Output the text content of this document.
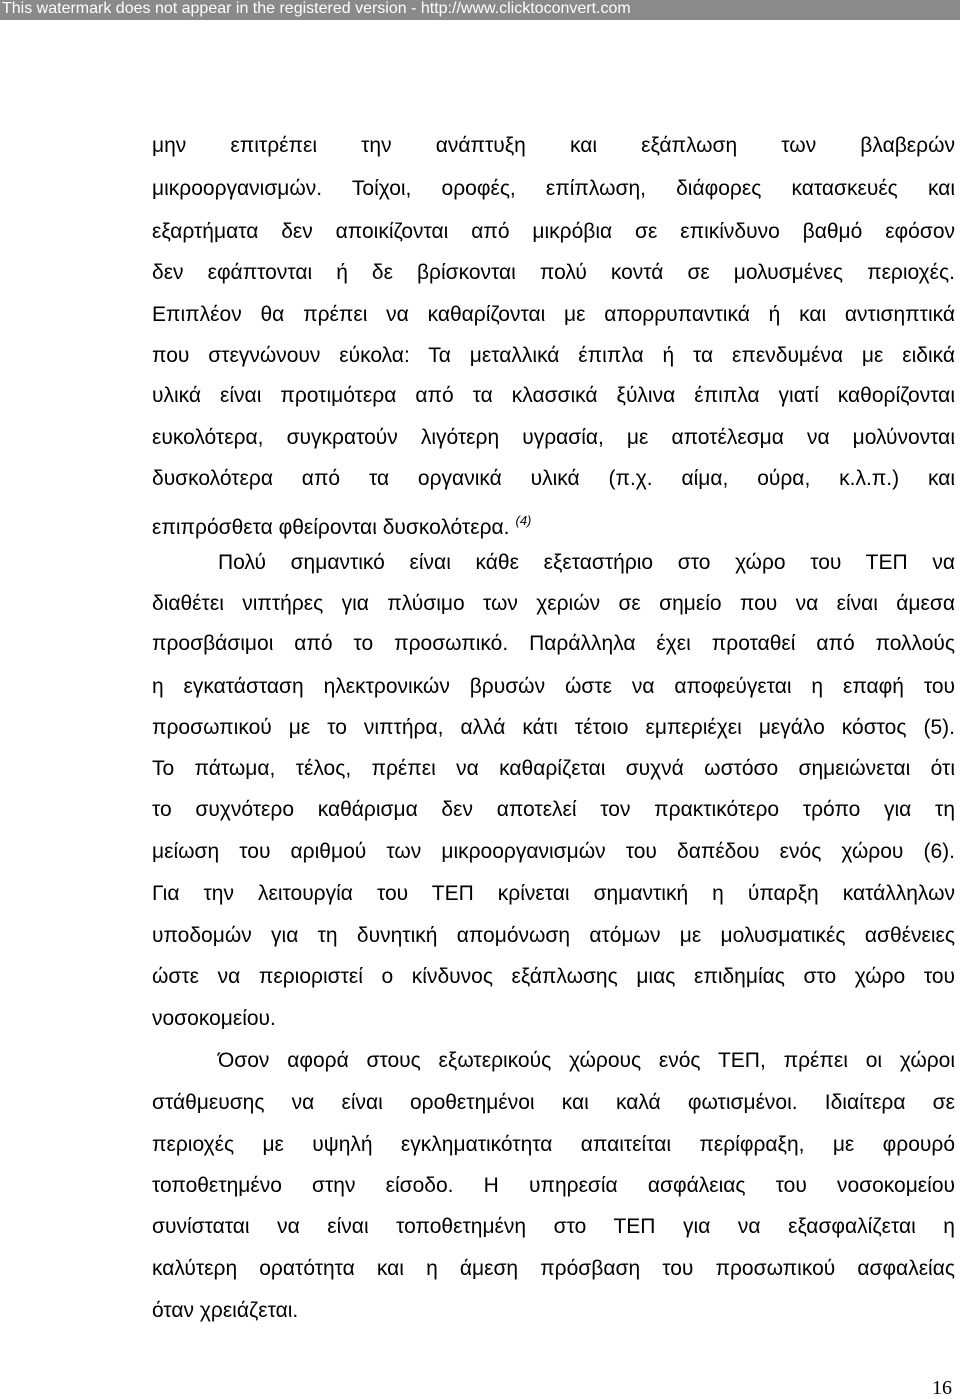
This watermark does not appear in the registered version - http://www.clicktoconvert.com
μην επιτρέπει την ανάπτυξη και εξάπλωση των βλαβερών
μικροοργανισμών. Τοίχοι, οροφές, επίπλωση, διάφορες κατασκευές και
εξαρτήματα δεν αποικίζονται από μικρόβια σε επικίνδυνο βαθμό εφόσον
δεν εφάπτονται ή δε βρίσκονται πολύ κοντά σε μολυσμένες περιοχές.
Επιπλέον θα πρέπει να καθαρίζονται με απορρυπαντικά ή και αντισηπτικά
που στεγνώνουν εύκολα: Τα μεταλλικά έπιπλα ή τα επενδυμένα με ειδικά
υλικά είναι προτιμότερα από τα κλασσικά ξύλινα έπιπλα γιατί καθορίζονται
ευκολότερα, συγκρατούν λιγότερη υγρασία, με αποτέλεσμα να μολύνονται
δυσκολότερα από τα οργανικά υλικά (π.χ. αίμα, ούρα, κ.λ.π.) και
επιπρόσθετα φθείρονται δυσκολότερα. $^{(4)}$
Πολύ σημαντικό είναι κάθε εξεταστήριο στο χώρο του ΤΕΠ να
διαθέτει νιπτήρες για πλύσιμο των χεριών σε σημείο που να είναι άμεσα
προσβάσιμοι από το προσωπικό. Παράλληλα έχει προταθεί από πολλούς
η εγκατάσταση ηλεκτρονικών βρυσών ώστε να αποφεύγεται η επαφή του
προσωπικού με το νιπτήρα, αλλά κάτι τέτοιο εμπεριέχει μεγάλο κόστος (5).
Το πάτωμα, τέλος, πρέπει να καθαρίζεται συχνά ωστόσο σημειώνεται ότι
το συχνότερο καθάρισμα δεν αποτελεί τον πρακτικότερο τρόπο για τη
μείωση του αριθμού των μικροοργανισμών του δαπέδου ενός χώρου (6).
Για την λειτουργία του ΤΕΠ κρίνεται σημαντική η ύπαρξη κατάλληλων
υποδομών για τη δυνητική απομόνωση ατόμων με μολυσματικές ασθένειες
ώστε να περιοριστεί ο κίνδυνος εξάπλωσης μιας επιδημίας στο χώρο του
νοσοκομείου.
Όσον αφορά στους εξωτερικούς χώρους ενός ΤΕΠ, πρέπει οι χώροι
στάθμευσης να είναι οροθετημένοι και καλά φωτισμένοι. Ιδιαίτερα σε
περιοχές με υψηλή εγκληματικότητα απαιτείται περίφραξη, με φρουρό
τοποθετημένο στην είσοδο. Η υπηρεσία ασφάλειας του νοσοκομείου
συνίσταται να είναι τοποθετημένη στο ΤΕΠ για να εξασφαλίζεται η
καλύτερη ορατότητα και η άμεση πρόσβαση του προσωπικού ασφαλείας
όταν χρειάζεται.
16
